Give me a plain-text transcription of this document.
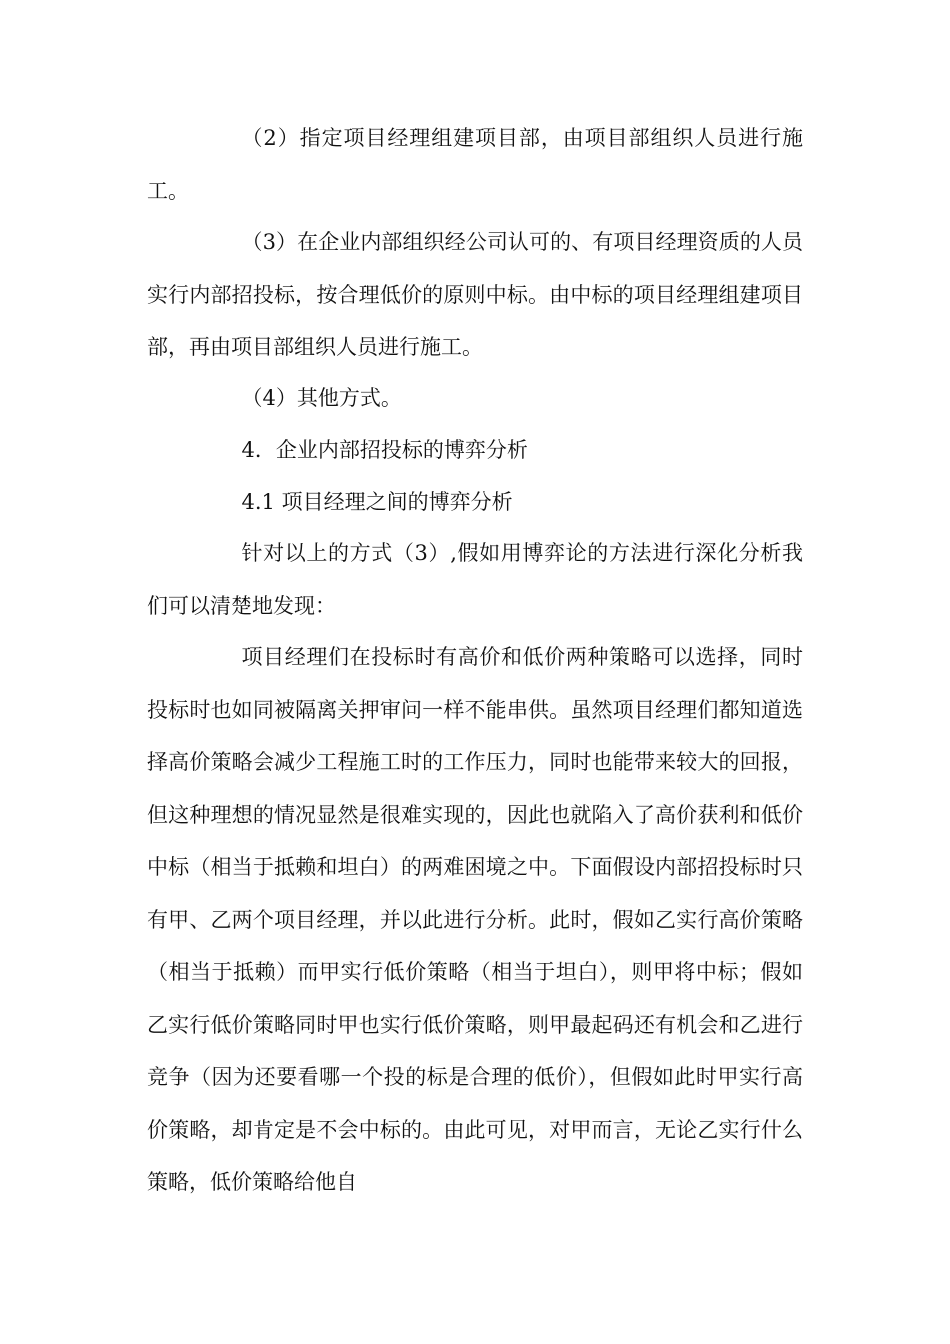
（2）指定项目经理组建项目部，由项目部组织人员进行施工。

（3）在企业内部组织经公司认可的、有项目经理资质的人员实行内部招投标，按合理低价的原则中标。由中标的项目经理组建项目部，再由项目部组织人员进行施工。

（4）其他方式。

4．企业内部招投标的博弈分析

4.1 项目经理之间的博弈分析

针对以上的方式（3）,假如用博弈论的方法进行深化分析我们可以清楚地发现：

项目经理们在投标时有高价和低价两种策略可以选择，同时投标时也如同被隔离关押审问一样不能串供。虽然项目经理们都知道选择高价策略会减少工程施工时的工作压力，同时也能带来较大的回报，但这种理想的情况显然是很难实现的，因此也就陷入了高价获利和低价中标（相当于抵赖和坦白）的两难困境之中。下面假设内部招投标时只有甲、乙两个项目经理，并以此进行分析。此时，假如乙实行高价策略（相当于抵赖）而甲实行低价策略（相当于坦白），则甲将中标；假如乙实行低价策略同时甲也实行低价策略，则甲最起码还有机会和乙进行竞争（因为还要看哪一个投的标是合理的低价），但假如此时甲实行高价策略，却肯定是不会中标的。由此可见，对甲而言，无论乙实行什么策略，低价策略给他自
